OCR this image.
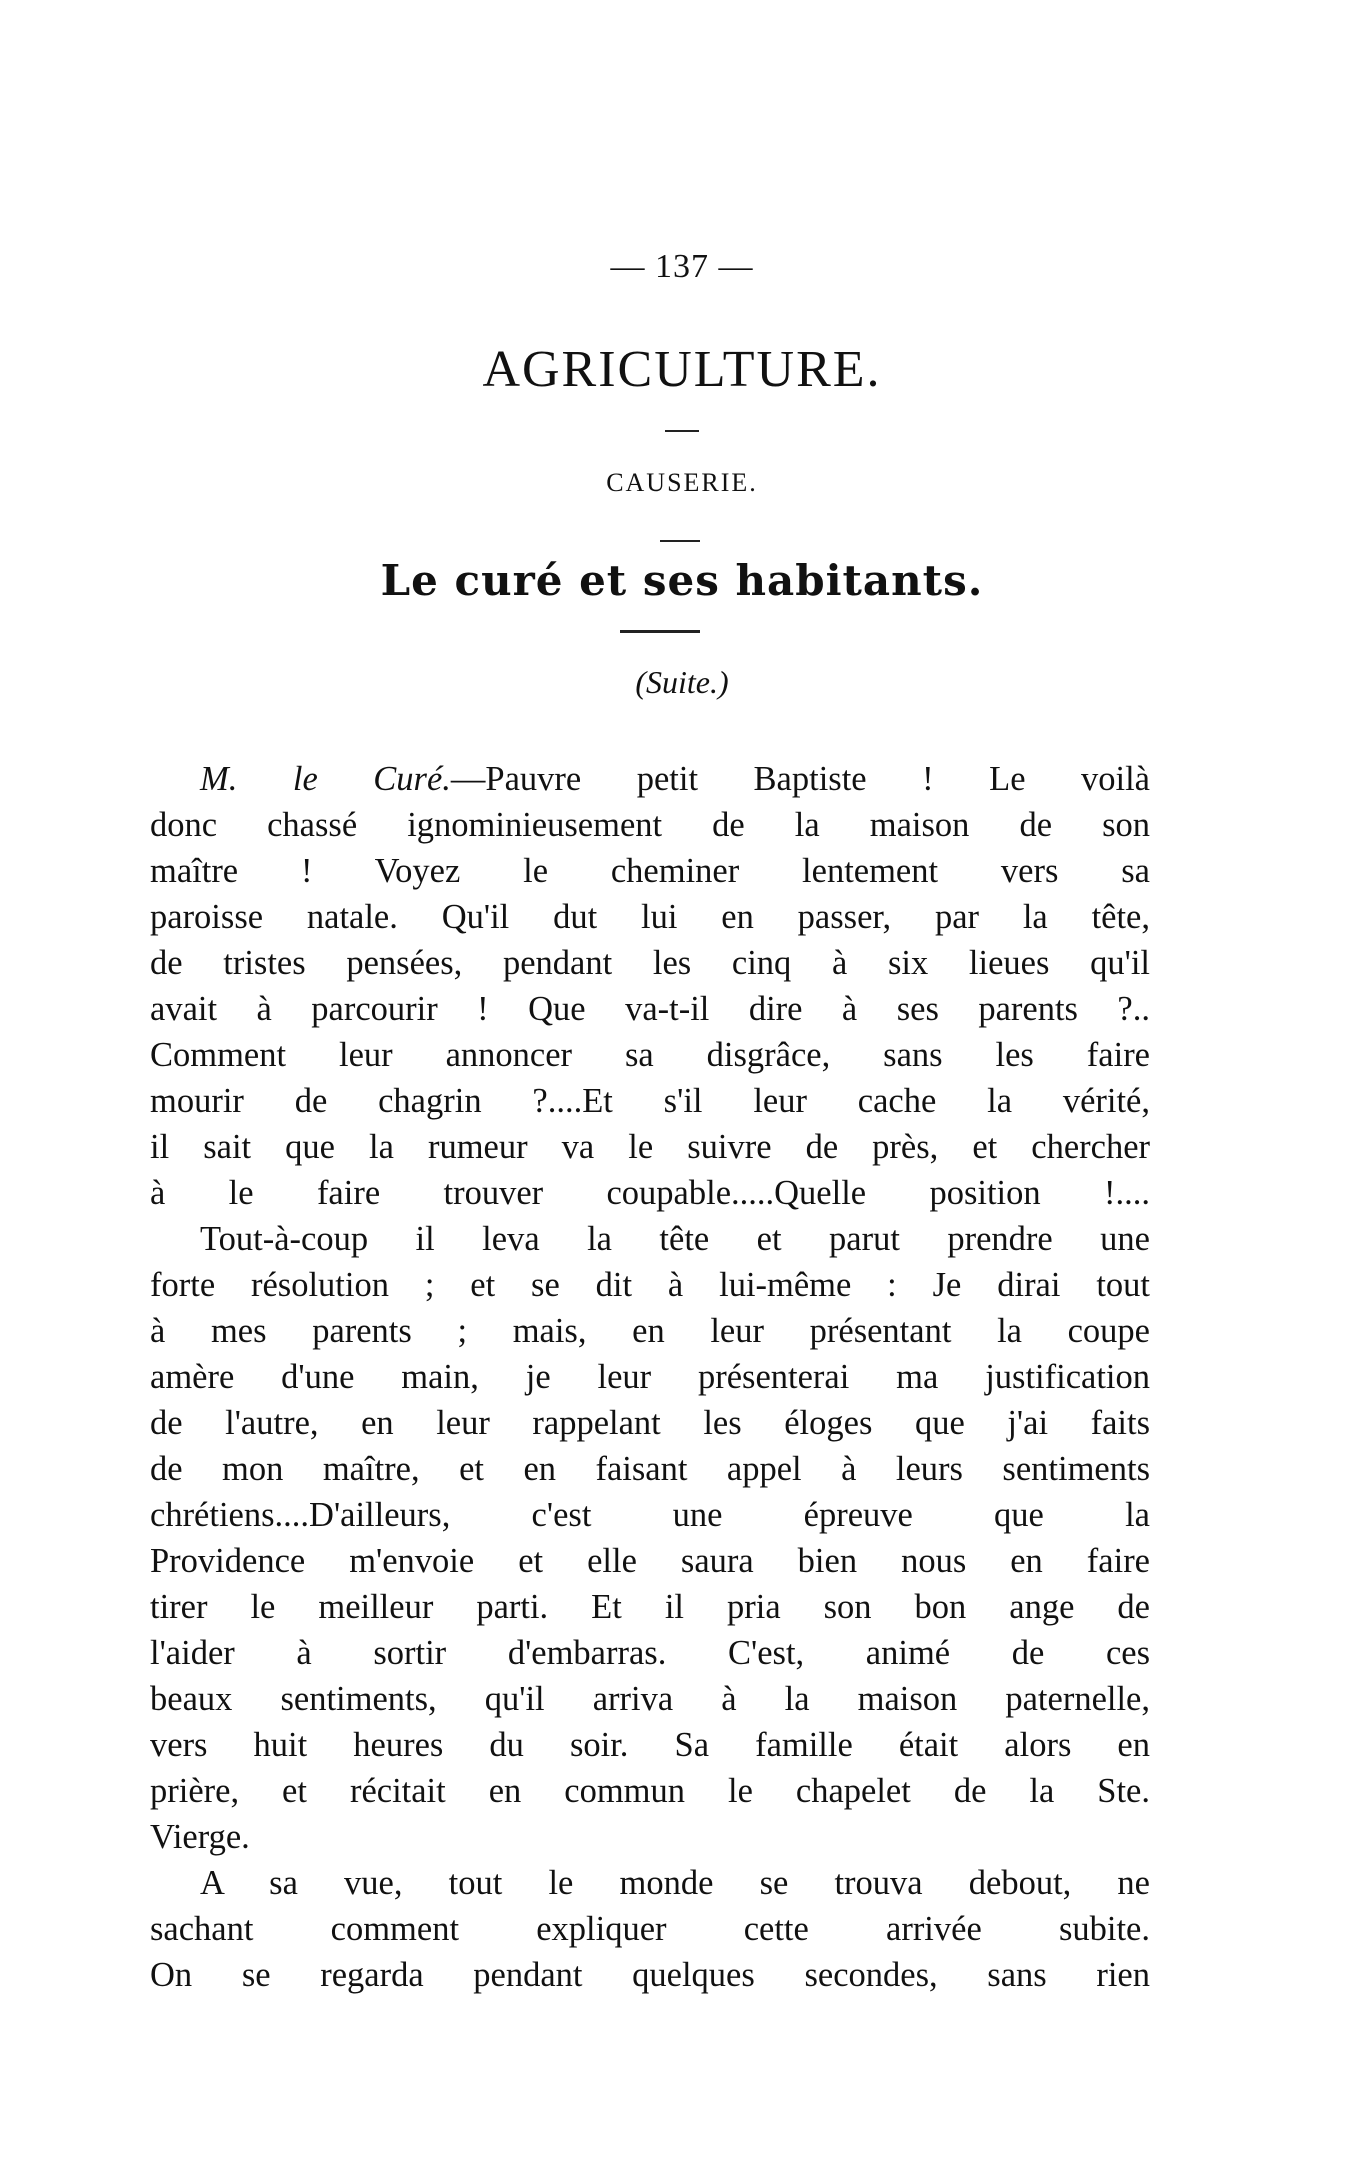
— 137 —
AGRICULTURE.
CAUSERIE.
Le curé et ses habitants.
(Suite.)
M. le Curé.—Pauvre petit Baptiste ! Le voilà
donc chassé ignominieusement de la maison de son
maître ! Voyez le cheminer lentement vers sa
paroisse natale. Qu'il dut lui en passer, par la tête,
de tristes pensées, pendant les cinq à six lieues qu'il
avait à parcourir ! Que va-t-il dire à ses parents ?..
Comment leur annoncer sa disgrâce, sans les faire
mourir de chagrin ?....Et s'il leur cache la vérité,
il sait que la rumeur va le suivre de près, et chercher
à le faire trouver coupable.....Quelle position !....
Tout-à-coup il leva la tête et parut prendre une
forte résolution ; et se dit à lui-même : Je dirai tout
à mes parents ; mais, en leur présentant la coupe
amère d'une main, je leur présenterai ma justification
de l'autre, en leur rappelant les éloges que j'ai faits
de mon maître, et en faisant appel à leurs sentiments
chrétiens....D'ailleurs, c'est une épreuve que la
Providence m'envoie et elle saura bien nous en faire
tirer le meilleur parti. Et il pria son bon ange de
l'aider à sortir d'embarras. C'est, animé de ces
beaux sentiments, qu'il arriva à la maison paternelle,
vers huit heures du soir. Sa famille était alors en
prière, et récitait en commun le chapelet de la Ste.
Vierge.
A sa vue, tout le monde se trouva debout, ne
sachant comment expliquer cette arrivée subite.
On se regarda pendant quelques secondes, sans rien
